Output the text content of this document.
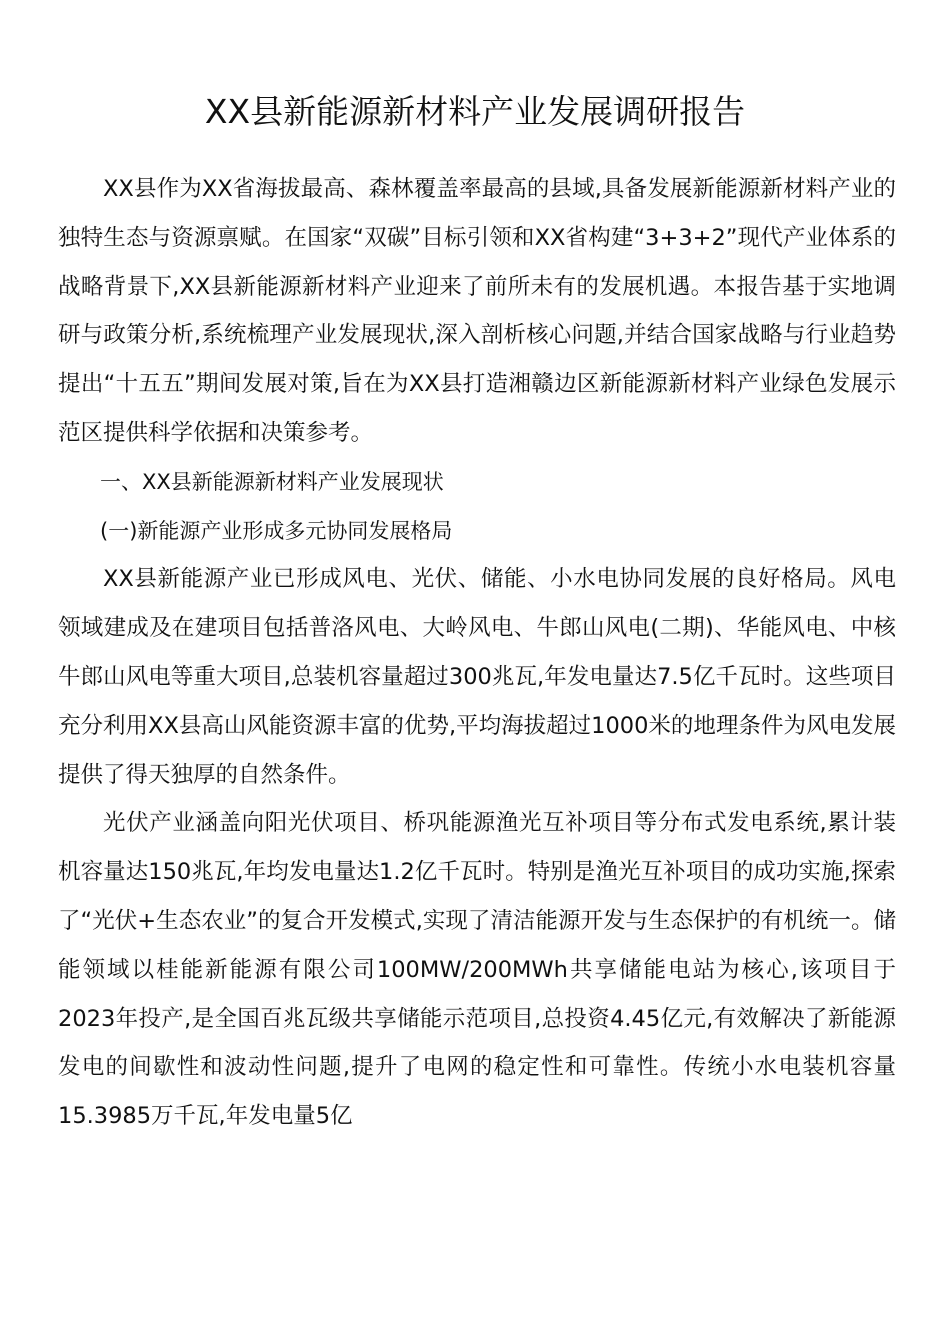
XX县新能源新材料产业发展调研报告

XX县作为XX省海拔最高、森林覆盖率最高的县域,具备发展新能源新材料产业的独特生态与资源禀赋。在国家“双碳”目标引领和XX省构建“3+3+2”现代产业体系的战略背景下,XX县新能源新材料产业迎来了前所未有的发展机遇。本报告基于实地调研与政策分析,系统梳理产业发展现状,深入剖析核心问题,并结合国家战略与行业趋势提出“十五五”期间发展对策,旨在为XX县打造湘赣边区新能源新材料产业绿色发展示范区提供科学依据和决策参考。

一、XX县新能源新材料产业发展现状

(一)新能源产业形成多元协同发展格局

XX县新能源产业已形成风电、光伏、储能、小水电协同发展的良好格局。风电领域建成及在建项目包括普洛风电、大岭风电、牛郎山风电(二期)、华能风电、中核牛郎山风电等重大项目,总装机容量超过300兆瓦,年发电量达7.5亿千瓦时。这些项目充分利用XX县高山风能资源丰富的优势,平均海拔超过1000米的地理条件为风电发展提供了得天独厚的自然条件。

光伏产业涵盖向阳光伏项目、桥巩能源渔光互补项目等分布式发电系统,累计装机容量达150兆瓦,年均发电量达1.2亿千瓦时。特别是渔光互补项目的成功实施,探索了“光伏+生态农业”的复合开发模式,实现了清洁能源开发与生态保护的有机统一。储能领域以桂能新能源有限公司100MW/200MWh共享储能电站为核心,该项目于2023年投产,是全国百兆瓦级共享储能示范项目,总投资4.45亿元,有效解决了新能源发电的间歇性和波动性问题,提升了电网的稳定性和可靠性。传统小水电装机容量15.3985万千瓦,年发电量5亿
